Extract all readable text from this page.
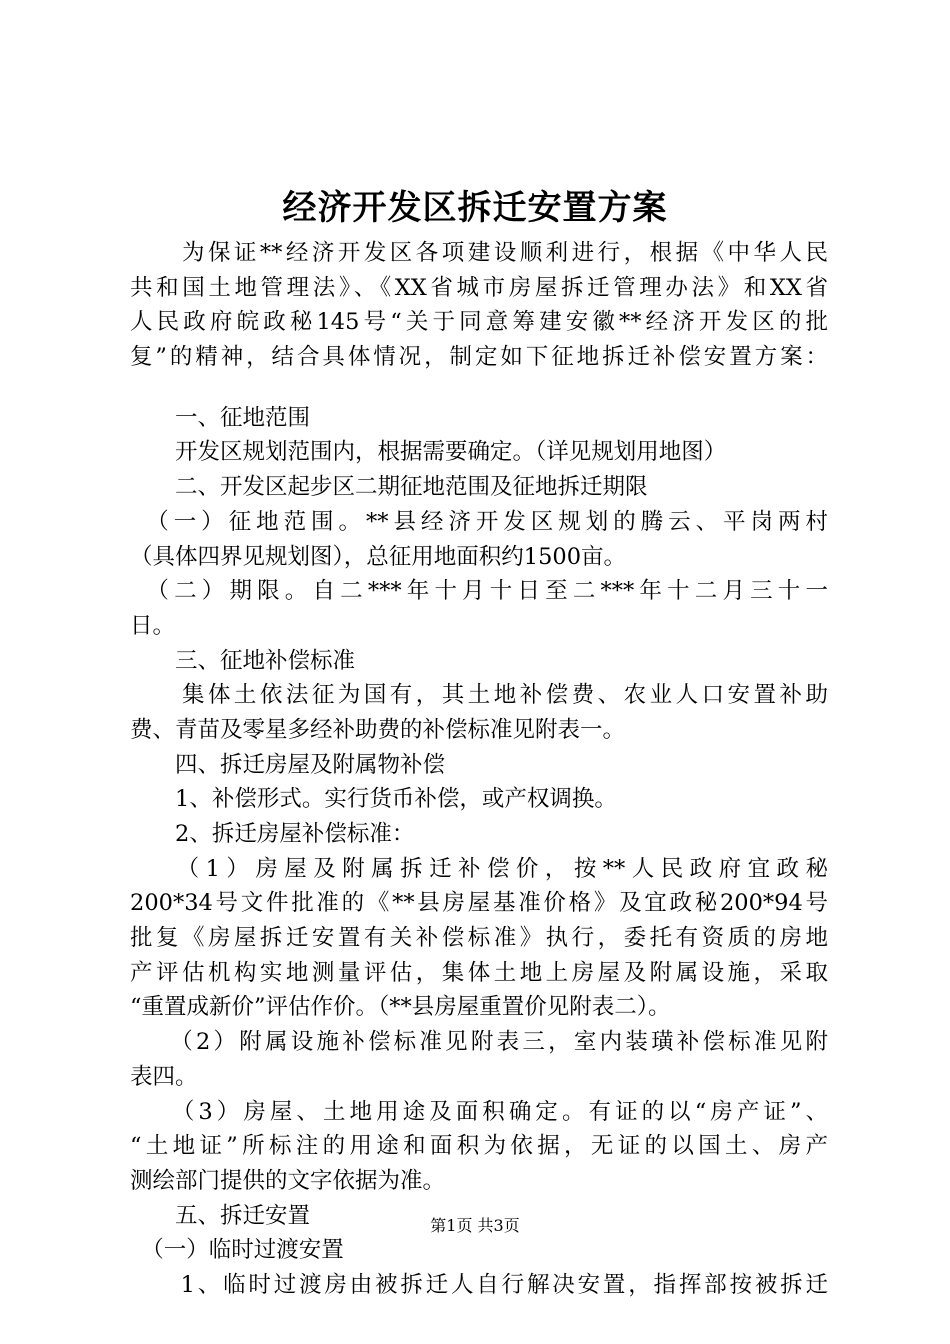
经济开发区拆迁安置方案
　　为保证**经济开发区各项建设顺利进行，根据《中华人民
共和国土地管理法》、《XX省城市房屋拆迁管理办法》和XX省
人民政府皖政秘145号“关于同意筹建安徽**经济开发区的批
复”的精神，结合具体情况，制定如下征地拆迁补偿安置方案：
　　一、征地范围
　　开发区规划范围内，根据需要确定。（详见规划用地图）
　　二、开发区起步区二期征地范围及征地拆迁期限
　（一）征地范围。**县经济开发区规划的腾云、平岗两村
（具体四界见规划图），总征用地面积约1500亩。
　（二）期限。自二***年十月十日至二***年十二月三十一
日。
　　三、征地补偿标准
　　集体土依法征为国有，其土地补偿费、农业人口安置补助
费、青苗及零星多经补助费的补偿标准见附表一。
　　四、拆迁房屋及附属物补偿
　　1、补偿形式。实行货币补偿，或产权调换。
　　2、拆迁房屋补偿标准：
　　（1）房屋及附属拆迁补偿价，按**人民政府宜政秘
200*34号文件批准的《**县房屋基准价格》及宜政秘200*94号
批复《房屋拆迁安置有关补偿标准》执行，委托有资质的房地
产评估机构实地测量评估，集体土地上房屋及附属设施，采取
“重置成新价”评估作价。（**县房屋重置价见附表二）。
　　（2）附属设施补偿标准见附表三，室内装璜补偿标准见附
表四。
　　（3）房屋、土地用途及面积确定。有证的以“房产证”、
“土地证”所标注的用途和面积为依据，无证的以国土、房产
测绘部门提供的文字依据为准。
　　五、拆迁安置
　（一）临时过渡安置
　　1、临时过渡房由被拆迁人自行解决安置，指挥部按被拆迁
第1页 共3页
